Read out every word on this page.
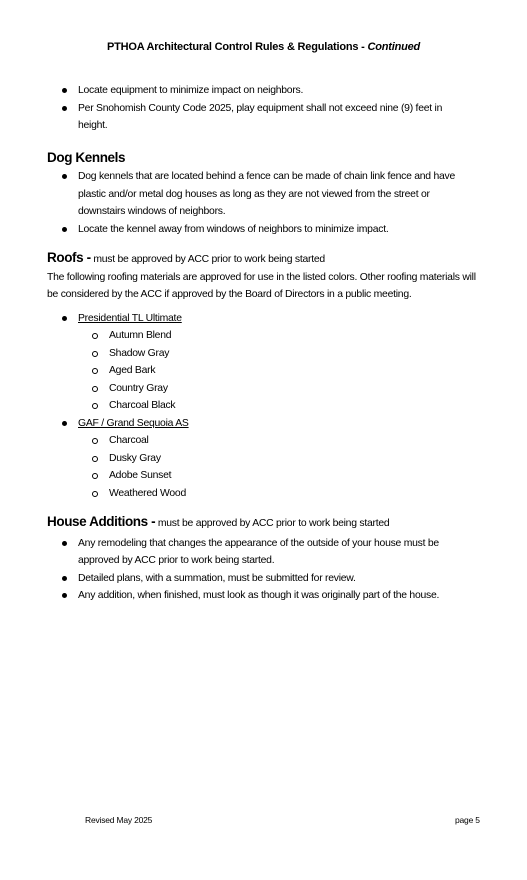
PTHOA Architectural Control Rules & Regulations - Continued
Locate equipment to minimize impact on neighbors.
Per Snohomish County Code 2025, play equipment shall not exceed nine (9) feet in height.
Dog Kennels
Dog kennels that are located behind a fence can be made of chain link fence and have plastic and/or metal dog houses as long as they are not viewed from the street or downstairs windows of neighbors.
Locate the kennel away from windows of neighbors to minimize impact.
Roofs - must be approved by ACC prior to work being started
The following roofing materials are approved for use in the listed colors. Other roofing materials will be considered by the ACC if approved by the Board of Directors in a public meeting.
Presidential TL Ultimate
Autumn Blend
Shadow Gray
Aged Bark
Country Gray
Charcoal Black
GAF / Grand Sequoia AS
Charcoal
Dusky Gray
Adobe Sunset
Weathered Wood
House Additions - must be approved by ACC prior to work being started
Any remodeling that changes the appearance of the outside of your house must be approved by ACC prior to work being started.
Detailed plans, with a summation, must be submitted for review.
Any addition, when finished, must look as though it was originally part of the house.
Revised May 2025	page 5
